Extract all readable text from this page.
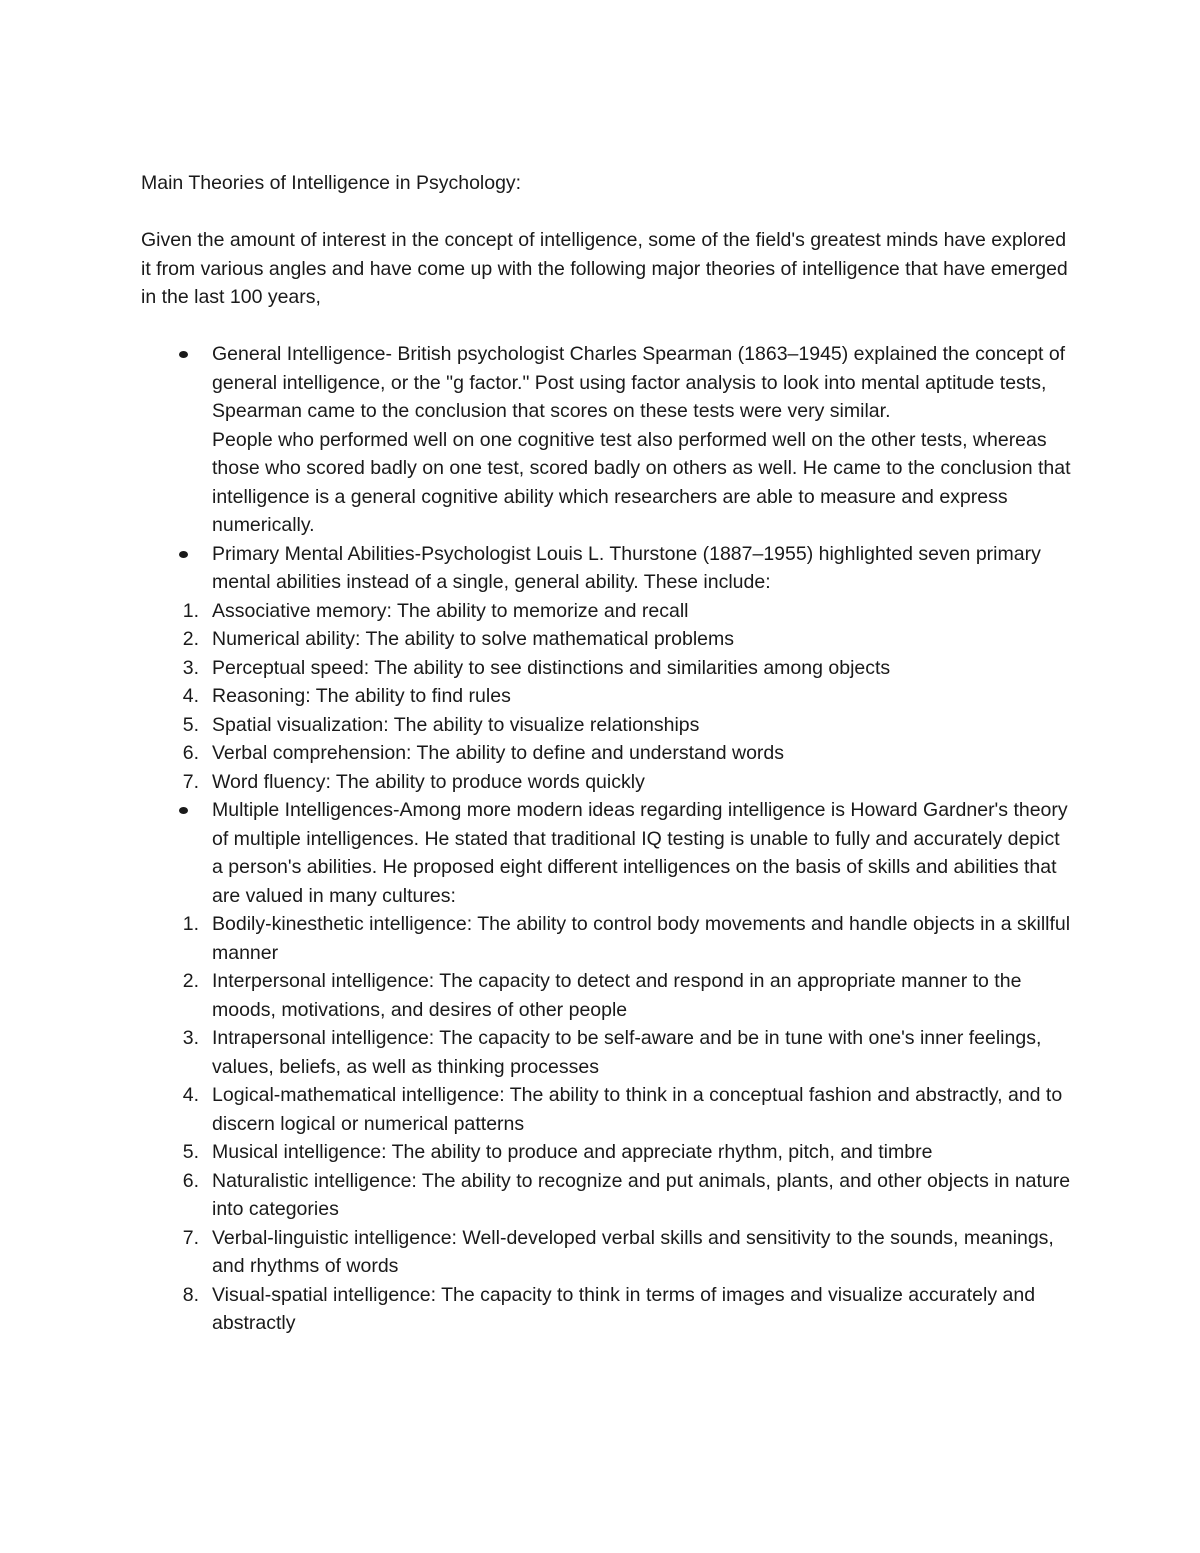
Main Theories of Intelligence in Psychology:
Given the amount of interest in the concept of intelligence, some of the field's greatest minds have explored it from various angles and have come up with the following major theories of intelligence that have emerged in the last 100 years,
General Intelligence- British psychologist Charles Spearman (1863–1945) explained the concept of general intelligence, or the "g factor." Post using factor analysis to look into mental aptitude tests, Spearman came to the conclusion that scores on these tests were very similar.
People who performed well on one cognitive test also performed well on the other tests, whereas those who scored badly on one test, scored badly on others as well. He came to the conclusion that intelligence is a general cognitive ability which researchers are able to measure and express numerically.
Primary Mental Abilities-Psychologist Louis L. Thurstone (1887–1955) highlighted seven primary mental abilities instead of a single, general ability. These include:
1. Associative memory: The ability to memorize and recall
2. Numerical ability: The ability to solve mathematical problems
3. Perceptual speed: The ability to see distinctions and similarities among objects
4. Reasoning: The ability to find rules
5. Spatial visualization: The ability to visualize relationships
6. Verbal comprehension: The ability to define and understand words
7. Word fluency: The ability to produce words quickly
Multiple Intelligences-Among more modern ideas regarding intelligence is Howard Gardner's theory of multiple intelligences. He stated that traditional IQ testing is unable to fully and accurately depict a person's abilities. He proposed eight different intelligences on the basis of skills and abilities that are valued in many cultures:
1. Bodily-kinesthetic intelligence: The ability to control body movements and handle objects in a skillful manner
2. Interpersonal intelligence: The capacity to detect and respond in an appropriate manner to the moods, motivations, and desires of other people
3. Intrapersonal intelligence: The capacity to be self-aware and be in tune with one's inner feelings, values, beliefs, as well as thinking processes
4. Logical-mathematical intelligence: The ability to think in a conceptual fashion and abstractly, and to discern logical or numerical patterns
5. Musical intelligence: The ability to produce and appreciate rhythm, pitch, and timbre
6. Naturalistic intelligence: The ability to recognize and put animals, plants, and other objects in nature into categories
7. Verbal-linguistic intelligence: Well-developed verbal skills and sensitivity to the sounds, meanings, and rhythms of words
8. Visual-spatial intelligence: The capacity to think in terms of images and visualize accurately and abstractly
